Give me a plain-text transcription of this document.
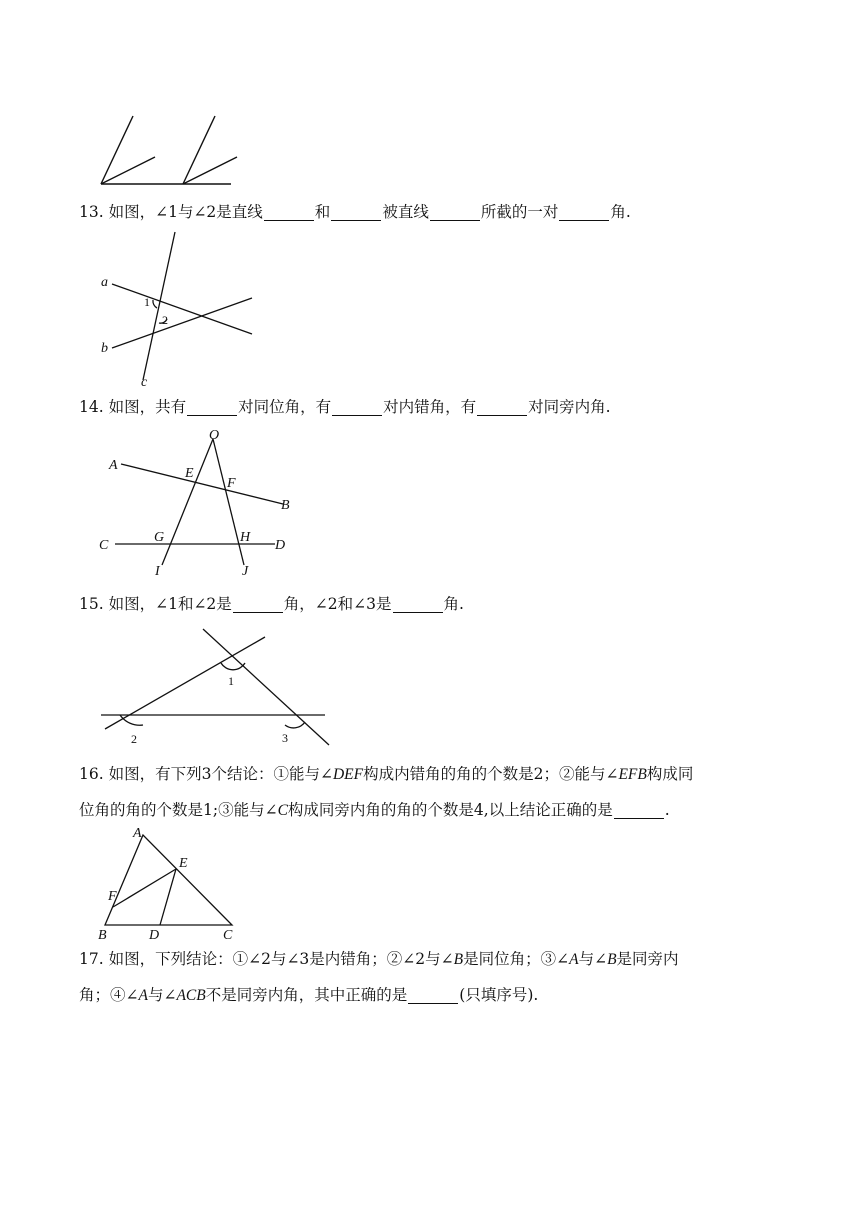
13. 如图，∠1与∠2是直线	和	被直线	所截的一对	角.
a
b
c
1
2
14. 如图，共有	对同位角，有	对内错角，有	对同旁内角.
O
A
B
E
F
C	D
G	H
I	J
15. 如图，∠1和∠2是	角，∠2和∠3是	角.
1
2	3
16. 如图，有下列3个结论：①能与∠DEF构成内错角的角的个数是2；②能与∠EFB构成同
位角的角的个数是1;③能与∠C构成同旁内角的角的个数是4,以上结论正确的是	.
A
E
F
B	D	C
17. 如图，下列结论：①∠2与∠3是内错角；②∠2与∠B是同位角；③∠A与∠B是同旁内
角；④∠A与∠ACB不是同旁内角，其中正确的是	(只填序号).
